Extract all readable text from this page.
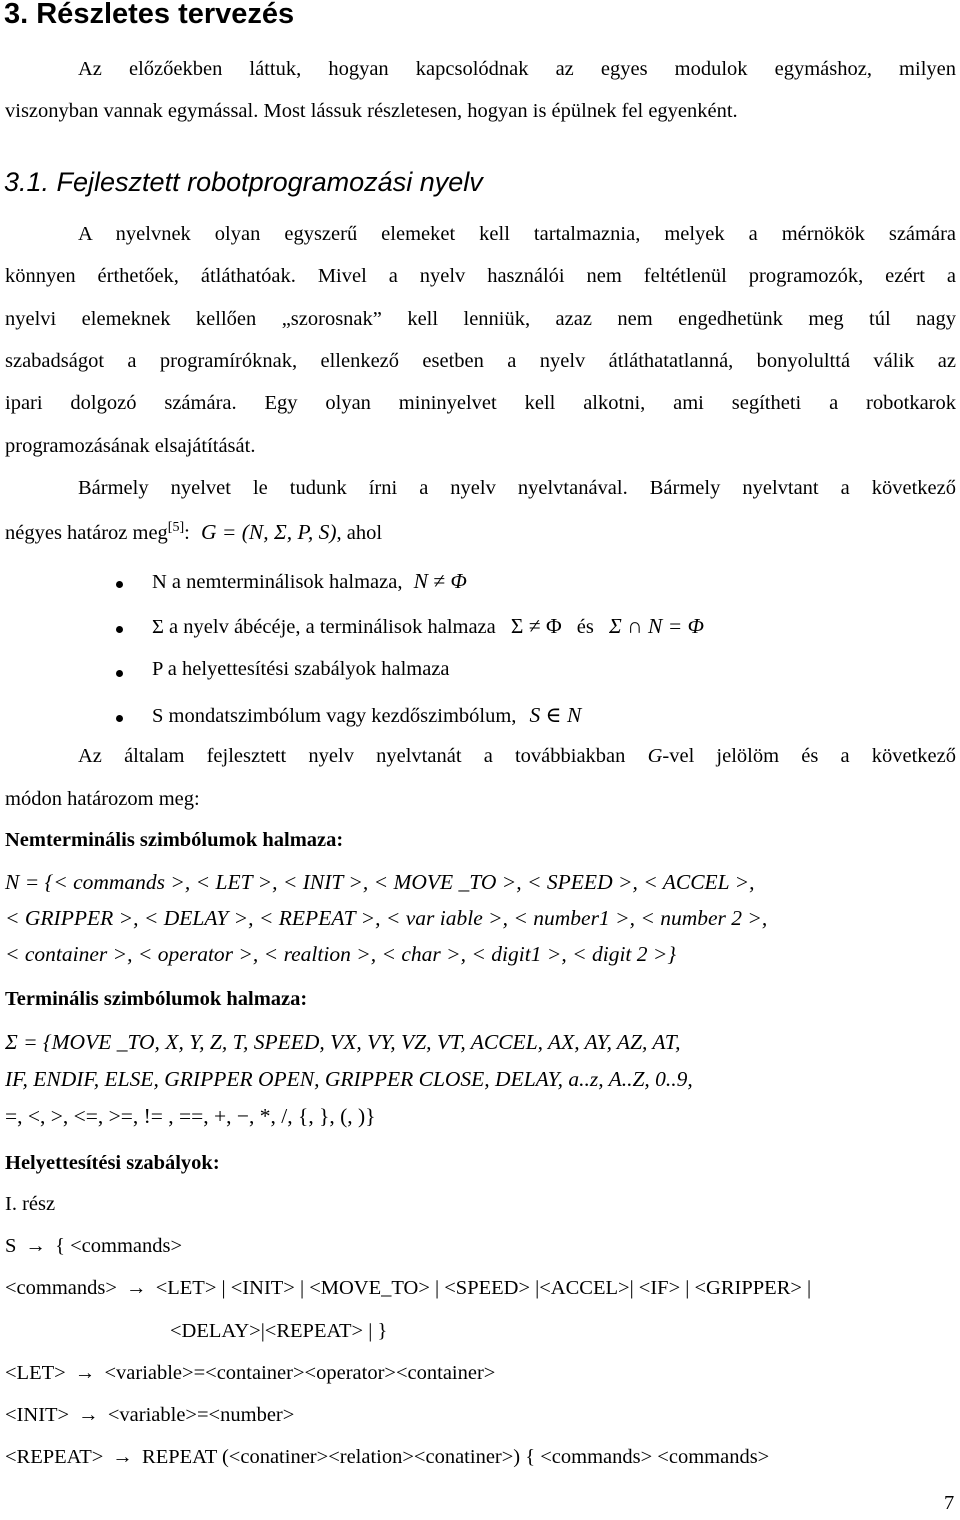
3. Részletes tervezés
Az előzőekben láttuk, hogyan kapcsolódnak az egyes modulok egymáshoz, milyen
viszonyban vannak egymással. Most lássuk részletesen, hogyan is épülnek fel egyenként.
3.1. Fejlesztett robotprogramozási nyelv
A nyelvnek olyan egyszerű elemeket kell tartalmaznia, melyek a mérnökök számára
könnyen érthetőek, átláthatóak. Mivel a nyelv használói nem feltétlenül programozók, ezért a
nyelvi elemeknek kellően „szorosnak” kell lenniük, azaz nem engedhetünk meg túl nagy
szabadságot a programíróknak, ellenkező esetben a nyelv átláthatatlanná, bonyolulttá válik az
ipari dolgozó számára. Egy olyan mininyelvet kell alkotni, ami segítheti a robotkarok
programozásának elsajátítását.
Bármely nyelvet le tudunk írni a nyelv nyelvtanával. Bármely nyelvtant a következő
négyes határoz meg[5]: G = (N, Σ, P, S), ahol
N a nemterminálisok halmaza, N ≠ Φ
Σ a nyelv ábécéje, a terminálisok halmaza Σ ≠ Φ és Σ ∩ N = Φ
P a helyettesítési szabályok halmaza
S mondatszimbólum vagy kezdőszimbólum, S ∈ N
Az általam fejlesztett nyelv nyelvtanát a továbbiakban G-vel jelölöm és a következő
módon határozom meg:
Nemterminális szimbólumok halmaza:
N = {< commands >, < LET >, < INIT >, < MOVE _TO >, < SPEED >, < ACCEL >,
< GRIPPER >, < DELAY >, < REPEAT >, < var iable >, < number1 >, < number 2 >,
< container >, < operator >, < realtion >, < char >, < digit1 >, < digit 2 >}
Terminális szimbólumok halmaza:
Σ = {MOVE _TO, X, Y, Z, T, SPEED, VX, VY, VZ, VT, ACCEL, AX, AY, AZ, AT,
IF, ENDIF, ELSE, GRIPPER OPEN, GRIPPER CLOSE, DELAY, a..z, A..Z, 0..9,
=, <, >, <=, >=, != , ==, +, −, *, /, {, }, (, )}
Helyettesítési szabályok:
I. rész
S → { <commands>
<commands> → <LET> | <INIT> | <MOVE_TO> | <SPEED> |<ACCEL>| <IF> | <GRIPPER> |
<DELAY>|<REPEAT> | }
<LET> → <variable>=<container><operator><container>
<INIT> → <variable>=<number>
<REPEAT> → REPEAT (<conatiner><relation><conatiner>) { <commands> <commands>
7
